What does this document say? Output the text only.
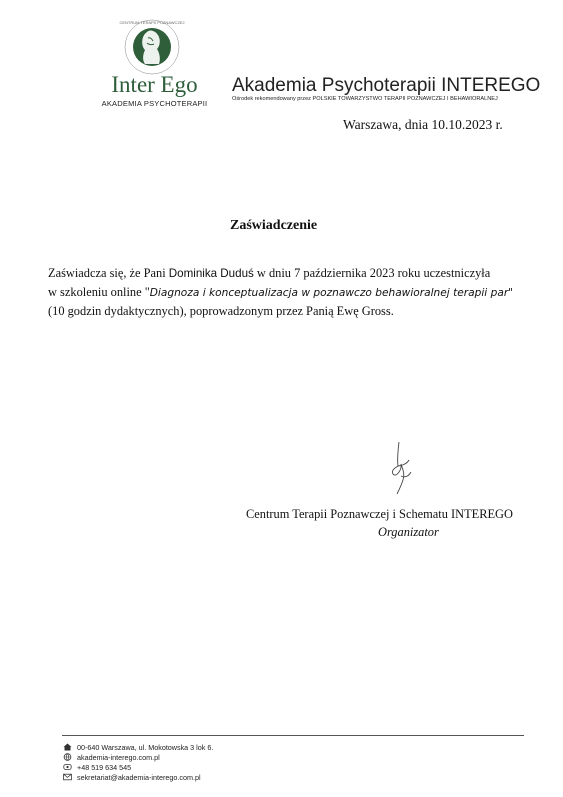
CENTRUM TERAPII POZNAWCZEJ
Inter Ego
AKADEMIA PSYCHOTERAPII
Akademia Psychoterapii INTEREGO
Ośrodek rekomendowany przez POLSKIE TOWARZYSTWO TERAPII POZNAWCZEJ I BEHAWIORALNEJ
Warszawa, dnia 10.10.2023 r.
Zaświadczenie
Zaświadcza się, że Pani Dominika Duduś w dniu 7 października 2023 roku uczestniczyła
w szkoleniu online "Diagnoza i konceptualizacja w poznawczo behawioralnej terapii par"
(10 godzin dydaktycznych), poprowadzonym przez Panią Ewę Gross.
Centrum Terapii Poznawczej i Schematu INTEREGO
Organizator
00-640 Warszawa, ul. Mokotowska 3 lok 6.
akademia-interego.com.pl
+48 519 634 545
sekretariat@akademia-interego.com.pl
